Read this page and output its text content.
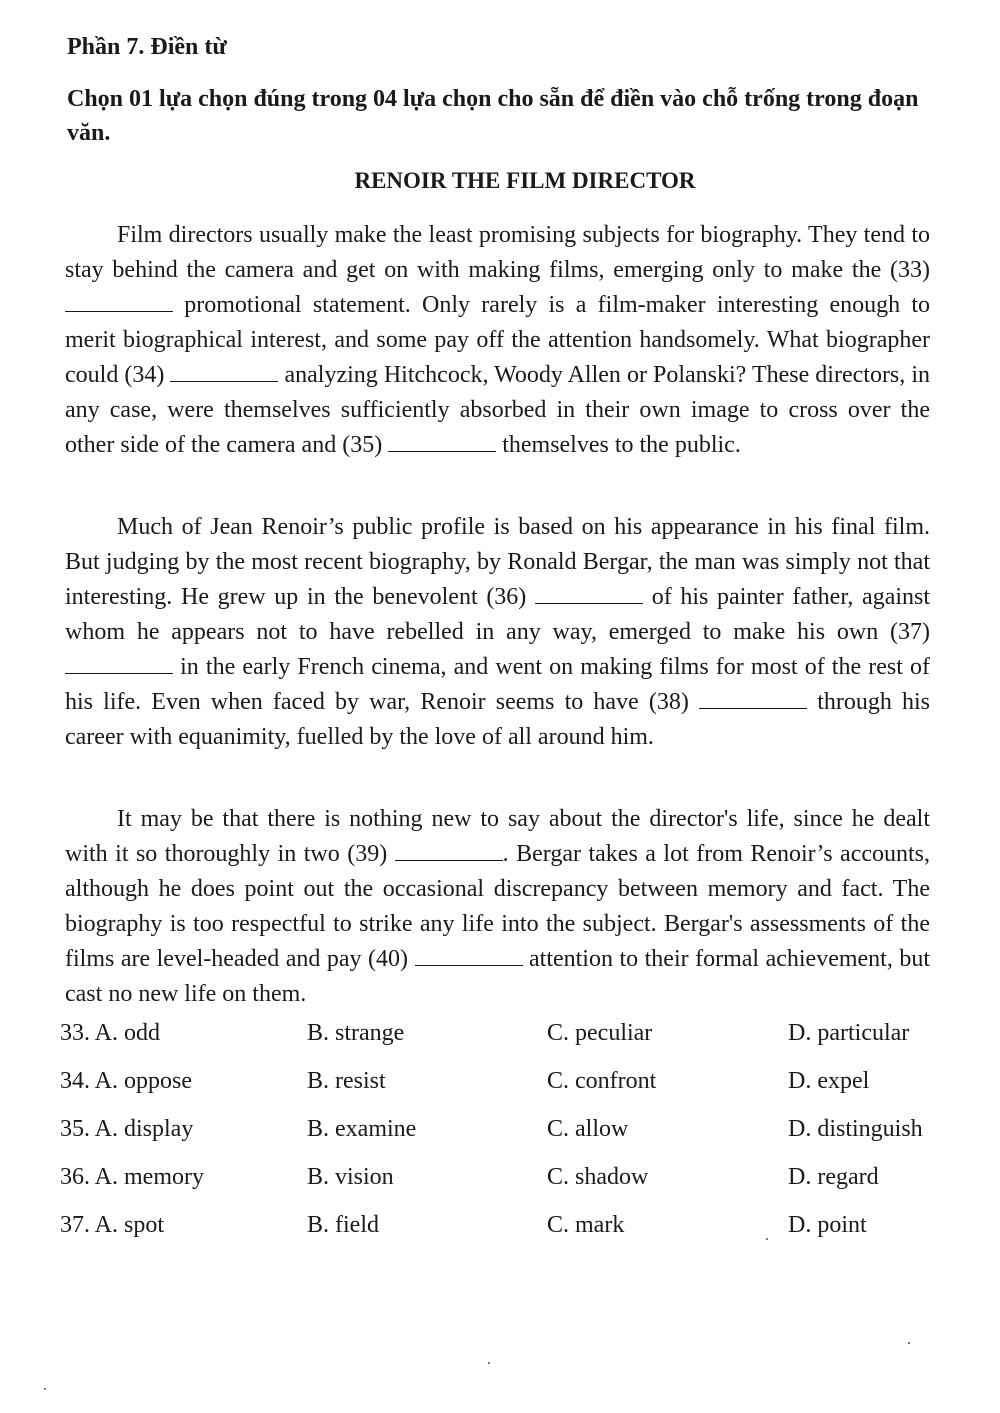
Phần 7. Điền từ
Chọn 01 lựa chọn đúng trong 04 lựa chọn cho sẵn để điền vào chỗ trống trong đoạn văn.
RENOIR THE FILM DIRECTOR

Film directors usually make the least promising subjects for biography. They tend to stay behind the camera and get on with making films, emerging only to make the (33)  promotional statement. Only rarely is a film-maker interesting enough to merit biographical interest, and some pay off the attention handsomely. What biographer could (34)	analyzing Hitchcock, Woody Allen or Polanski? These directors, in any case, were themselves sufficiently absorbed in their own image to cross over the other side of the camera and (35)	themselves to the public.

Much of Jean Renoir’s public profile is based on his appearance in his final film. But judging by the most recent biography, by Ronald Bergar, the man was simply not that interesting. He grew up in the benevolent (36)	of his painter father, against whom he appears not to have rebelled in any way, emerged to make his own (37)  in the early French cinema, and went on making films for most of the rest of his life. Even when faced by war, Renoir seems to have (38)	through his career with equanimity, fuelled by the love of all around him.

It may be that there is nothing new to say about the director's life, since he dealt with it so thoroughly in two (39)	. Bergar takes a lot from Renoir’s accounts, although he does point out the occasional discrepancy between memory and fact. The biography is too respectful to strike any life into the subject. Bergar's assessments of the films are level-headed and pay (40)	attention to their formal achievement, but cast no new life on them.

33. A. odd	B. strange	C. peculiar	D. particular
34. A. oppose	B. resist	C. confront	D. expel
35. A. display	B. examine	C. allow	D. distinguish
36. A. memory	B. vision	C. shadow	D. regard
37. A. spot	B. field	C. mark	D. point
